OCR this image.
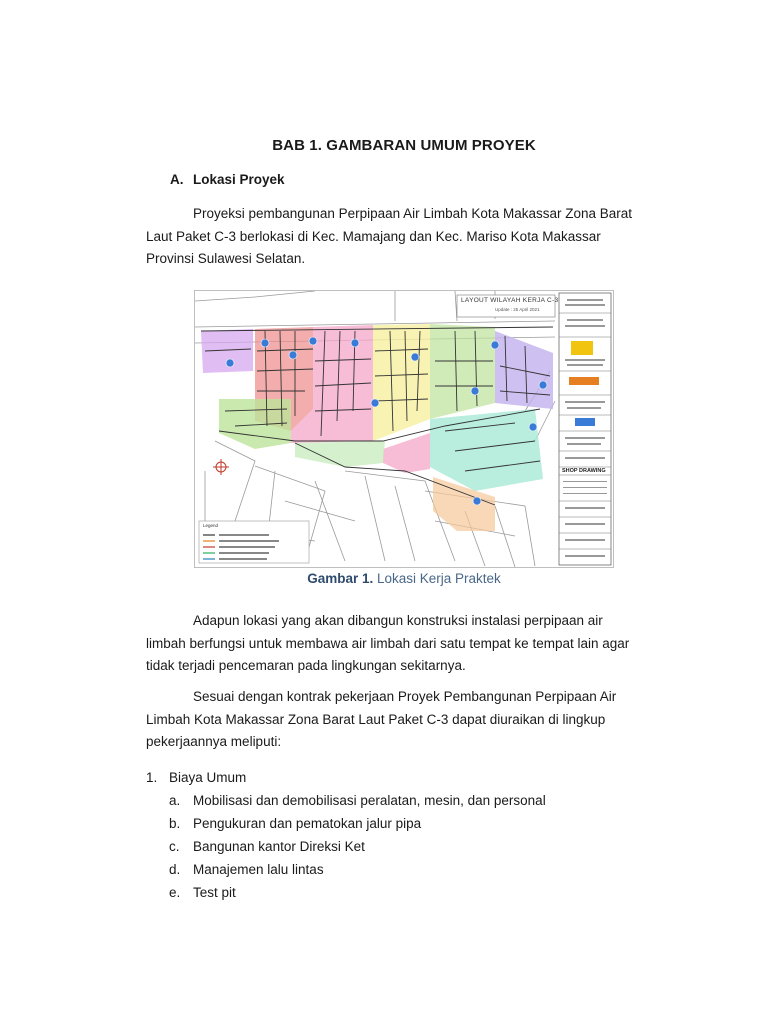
BAB 1. GAMBARAN UMUM PROYEK
A. Lokasi Proyek
Proyeksi pembangunan Perpipaan Air Limbah Kota Makassar Zona Barat
Laut Paket C-3 berlokasi di Kec. Mamajang dan Kec. Mariso Kota Makassar
Provinsi Sulawesi Selatan.
LAYOUT WILAYAH KERJA C-3
Update : 25 April 2021
SHOP DRAWING
Legend
Gambar 1. Lokasi Kerja Praktek
Adapun lokasi yang akan dibangun konstruksi instalasi perpipaan air
limbah berfungsi untuk membawa air limbah dari satu tempat ke tempat lain agar
tidak terjadi pencemaran pada lingkungan sekitarnya.
Sesuai dengan kontrak pekerjaan Proyek Pembangunan Perpipaan Air
Limbah Kota Makassar Zona Barat Laut Paket C-3 dapat diuraikan di lingkup
pekerjaannya meliputi:
1. Biaya Umum
a. Mobilisasi dan demobilisasi peralatan, mesin, dan personal
b. Pengukuran dan pematokan jalur pipa
c. Bangunan kantor Direksi Ket
d. Manajemen lalu lintas
e. Test pit
